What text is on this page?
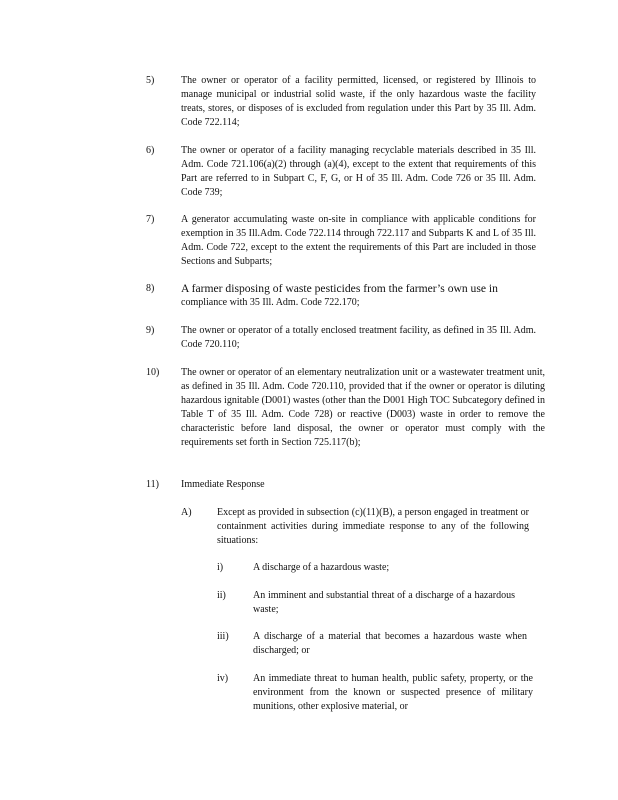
5)	The owner or operator of a facility permitted, licensed, or registered by Illinois to manage municipal or industrial solid waste, if the only hazardous waste the facility treats, stores, or disposes of is excluded from regulation under this Part by 35 Ill. Adm. Code 722.114;
6)	The owner or operator of a facility managing recyclable materials described in 35 Ill. Adm. Code 721.106(a)(2) through (a)(4), except to the extent that requirements of this Part are referred to in Subpart C, F, G, or H of 35 Ill. Adm. Code 726 or 35 Ill. Adm. Code 739;
7)	A generator accumulating waste on-site in compliance with applicable conditions for exemption in 35 Ill.Adm. Code 722.114 through 722.117 and Subparts K and L of 35 Ill. Adm. Code 722, except to the extent the requirements of this Part are included in those Sections and Subparts;
8) A farmer disposing of waste pesticides from the farmer’s own use in
compliance with 35 Ill. Adm. Code 722.170;
9)	The owner or operator of a totally enclosed treatment facility, as defined in 35 Ill. Adm. Code 720.110;
10) The owner or operator of an elementary neutralization unit or a wastewater treatment unit, as defined in 35 Ill. Adm. Code 720.110, provided that if the owner or operator is diluting hazardous ignitable (D001) wastes (other than the D001 High TOC Subcategory defined in Table T of 35 Ill. Adm. Code 728) or reactive (D003) waste in order to remove the characteristic before land disposal, the owner or operator must comply with the requirements set forth in Section 725.117(b);
11) Immediate Response
A)	Except as provided in subsection (c)(11)(B), a person engaged in treatment or containment activities during immediate response to any of the following situations:
i)	A discharge of a hazardous waste;
ii)	An imminent and substantial threat of a discharge of a hazardous waste;
iii) A discharge of a material that becomes a hazardous waste when discharged; or
iv) An immediate threat to human health, public safety, property, or the environment from the known or suspected presence of military munitions, other explosive material, or
